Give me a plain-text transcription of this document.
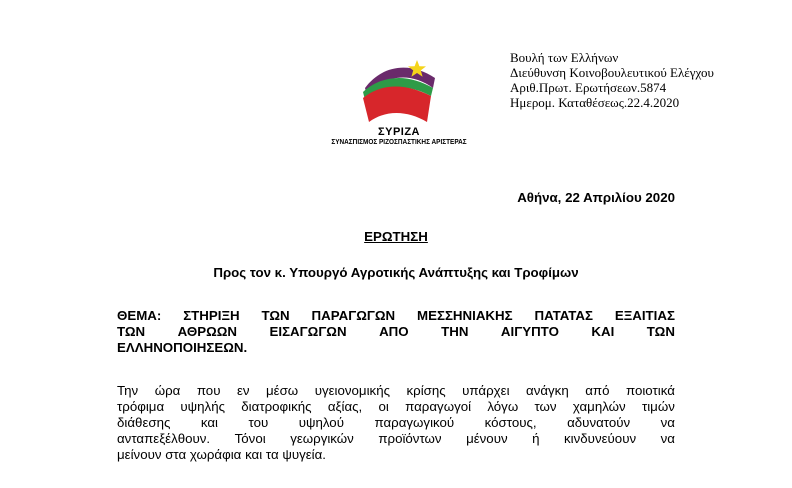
ΣΥΡΙΖΑ
ΣΥΝΑΣΠΙΣΜΟΣ ΡΙΖΟΣΠΑΣΤΙΚΗΣ ΑΡΙΣΤΕΡΑΣ
Βουλή των Ελλήνων
Διεύθυνση Κοινοβουλευτικού Ελέγχου
Αριθ.Πρωτ. Ερωτήσεων.5874
Ημερομ. Καταθέσεως.22.4.2020
Αθήνα, 22 Απριλίου 2020
ΕΡΩΤΗΣΗ
Προς τον κ. Υπουργό Αγροτικής Ανάπτυξης και Τροφίμων
ΘΕΜΑ: ΣΤΗΡΙΞΗ ΤΩΝ ΠΑΡΑΓΩΓΩΝ ΜΕΣΣΗΝΙΑΚΗΣ ΠΑΤΑΤΑΣ ΕΞΑΙΤΙΑΣ
ΤΩΝ ΑΘΡΩΩΝ ΕΙΣΑΓΩΓΩΝ ΑΠΟ ΤΗΝ ΑΙΓΥΠΤΟ ΚΑΙ ΤΩΝ
ΕΛΛΗΝΟΠΟΙΗΣΕΩΝ.
Την ώρα που εν μέσω υγειονομικής κρίσης υπάρχει ανάγκη από ποιοτικά
τρόφιμα υψηλής διατροφικής αξίας, οι παραγωγοί λόγω των χαμηλών τιμών
διάθεσης και του υψηλού παραγωγικού κόστους, αδυνατούν να
ανταπεξέλθουν. Τόνοι γεωργικών προϊόντων μένουν ή κινδυνεύουν να
μείνουν στα χωράφια και τα ψυγεία.
